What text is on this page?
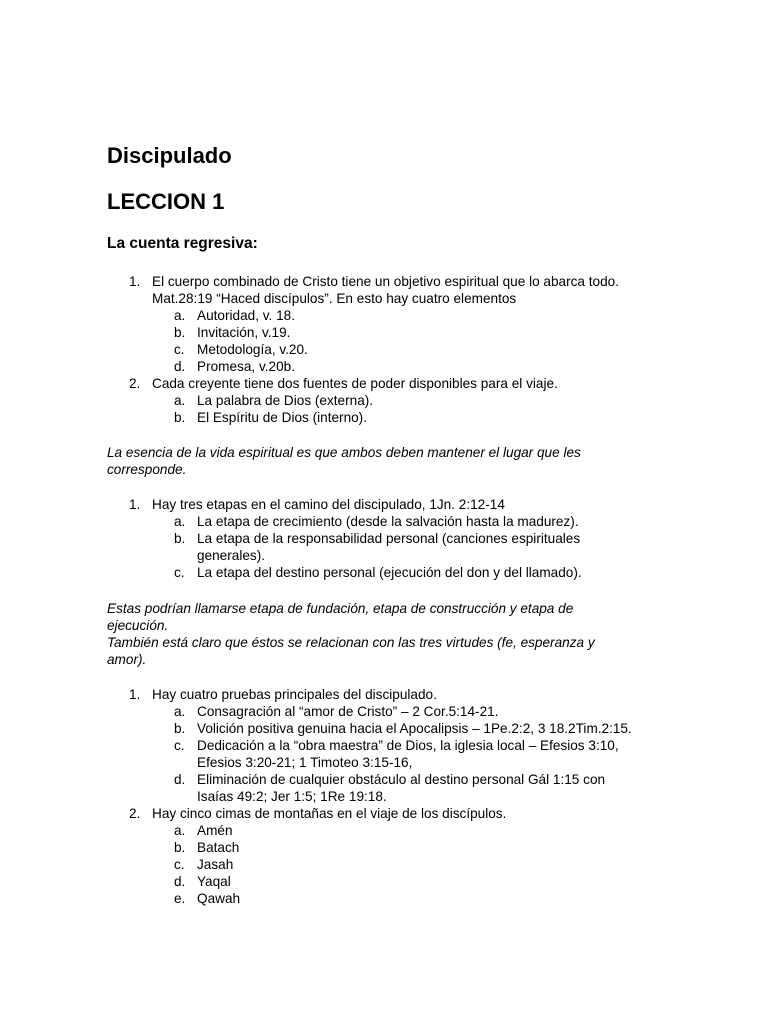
Discipulado
LECCION 1
La cuenta regresiva:
1. El cuerpo combinado de Cristo tiene un objetivo espiritual que lo abarca todo.
Mat.28:19 “Haced discípulos”. En esto hay cuatro elementos
a. Autoridad, v. 18.
b. Invitación, v.19.
c. Metodología, v.20.
d. Promesa, v.20b.
2. Cada creyente tiene dos fuentes de poder disponibles para el viaje.
a. La palabra de Dios (externa).
b. El Espíritu de Dios (interno).

La esencia de la vida espiritual es que ambos deben mantener el lugar que les
corresponde.

1. Hay tres etapas en el camino del discipulado, 1Jn. 2:12-14
a. La etapa de crecimiento (desde la salvación hasta la madurez).
b. La etapa de la responsabilidad personal (canciones espirituales
generales).
c. La etapa del destino personal (ejecución del don y del llamado).

Estas podrían llamarse etapa de fundación, etapa de construcción y etapa de
ejecución.
También está claro que éstos se relacionan con las tres virtudes (fe, esperanza y
amor).

1. Hay cuatro pruebas principales del discipulado.
a. Consagración al “amor de Cristo” – 2 Cor.5:14-21.
b. Volición positiva genuina hacia el Apocalipsis – 1Pe.2:2, 3 18.2Tim.2:15.
c. Dedicación a la “obra maestra” de Dios, la iglesia local – Efesios 3:10,
Efesios 3:20-21; 1 Timoteo 3:15-16,
d. Eliminación de cualquier obstáculo al destino personal Gál 1:15 con
Isaías 49:2; Jer 1:5; 1Re 19:18.
2. Hay cinco cimas de montañas en el viaje de los discípulos.
a. Amén
b. Batach
c. Jasah
d. Yaqal
e. Qawah
